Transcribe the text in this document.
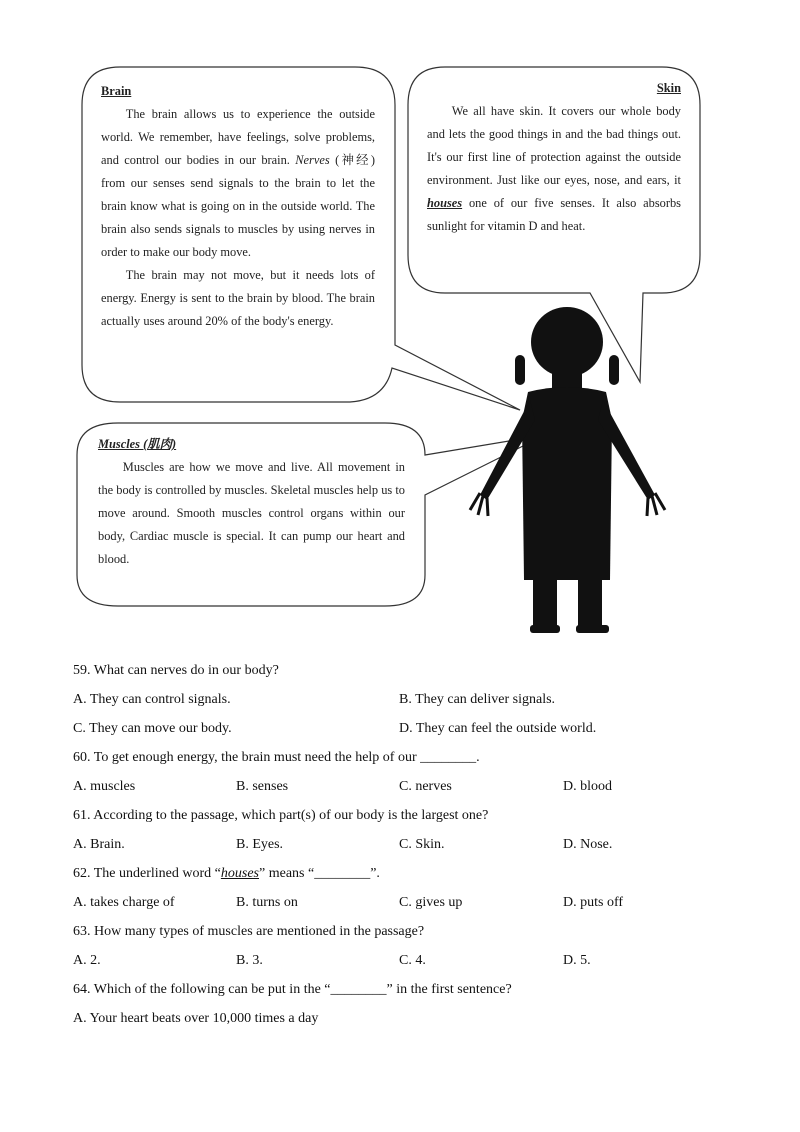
Brain

The brain allows us to experience the outside world. We remember, have feelings, solve problems, and control our bodies in our brain. Nerves (神经) from our senses send signals to the brain to let the brain know what is going on in the outside world. The brain also sends signals to muscles by using nerves in order to make our body move.

The brain may not move, but it needs lots of energy. Energy is sent to the brain by blood. The brain actually uses around 20% of the body's energy.

Skin

We all have skin. It covers our whole body and lets the good things in and the bad things out. It's our first line of protection against the outside environment. Just like our eyes, nose, and ears, it houses one of our five senses. It also absorbs sunlight for vitamin D and heat.

Muscles (肌肉)

Muscles are how we move and live. All movement in the body is controlled by muscles. Skeletal muscles help us to move around. Smooth muscles control organs within our body, Cardiac muscle is special. It can pump our heart and blood.

59. What can nerves do in our body?
A. They can control signals.	B. They can deliver signals.
C. They can move our body.	D. They can feel the outside world.
60. To get enough energy, the brain must need the help of our ________.
A. muscles	B. senses	C. nerves	D. blood
61. According to the passage, which part(s) of our body is the largest one?
A. Brain.	B. Eyes.	C. Skin.	D. Nose.
62. The underlined word “houses” means “________”.
A. takes charge of	B. turns on	C. gives up	D. puts off
63. How many types of muscles are mentioned in the passage?
A. 2.	B. 3.	C. 4.	D. 5.
64. Which of the following can be put in the “________” in the first sentence?
A. Your heart beats over 10,000 times a day
